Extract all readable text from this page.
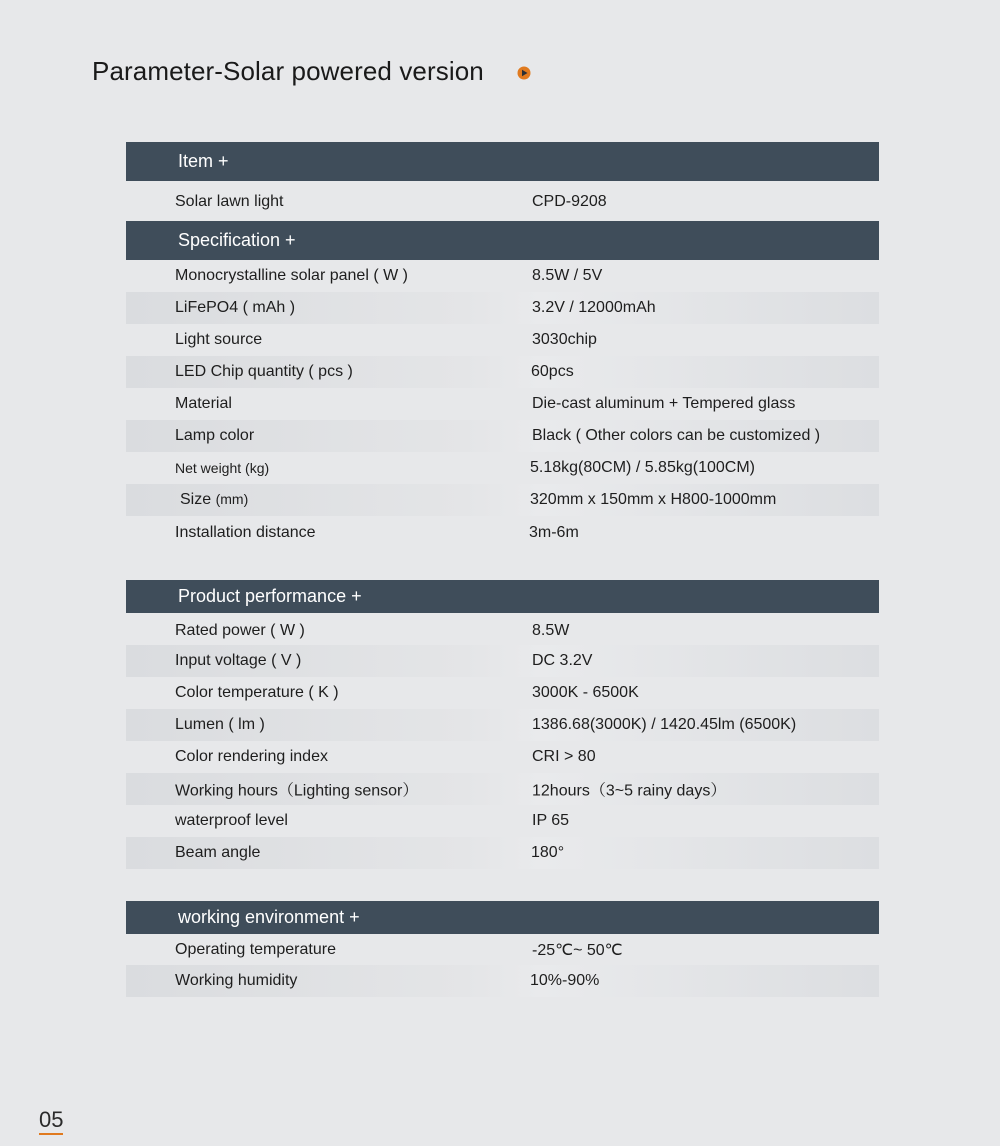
Parameter-Solar powered version
Item +
Solar lawn light	CPD-9208
Specification +
Monocrystalline solar panel ( W )	8.5W / 5V
LiFePO4 ( mAh )	3.2V / 12000mAh
Light source	3030chip
LED Chip quantity ( pcs )	60pcs
Material	Die-cast aluminum + Tempered glass
Lamp color	Black ( Other colors can be customized )
Net weight (kg)	5.18kg(80CM) / 5.85kg(100CM)
Size (mm)	320mm x 150mm x H800-1000mm
Installation distance	3m-6m
Product performance +
Rated power ( W )	8.5W
Input voltage ( V )	DC 3.2V
Color temperature ( K )	3000K - 6500K
Lumen ( lm )	1386.68(3000K) / 1420.45lm (6500K)
Color rendering index	CRI > 80
Working hours（Lighting sensor）	12hours（3~5 rainy days）
waterproof level	IP 65
Beam angle	180°
working environment +
Operating temperature	-25℃~ 50℃
Working humidity	10%-90%
05
